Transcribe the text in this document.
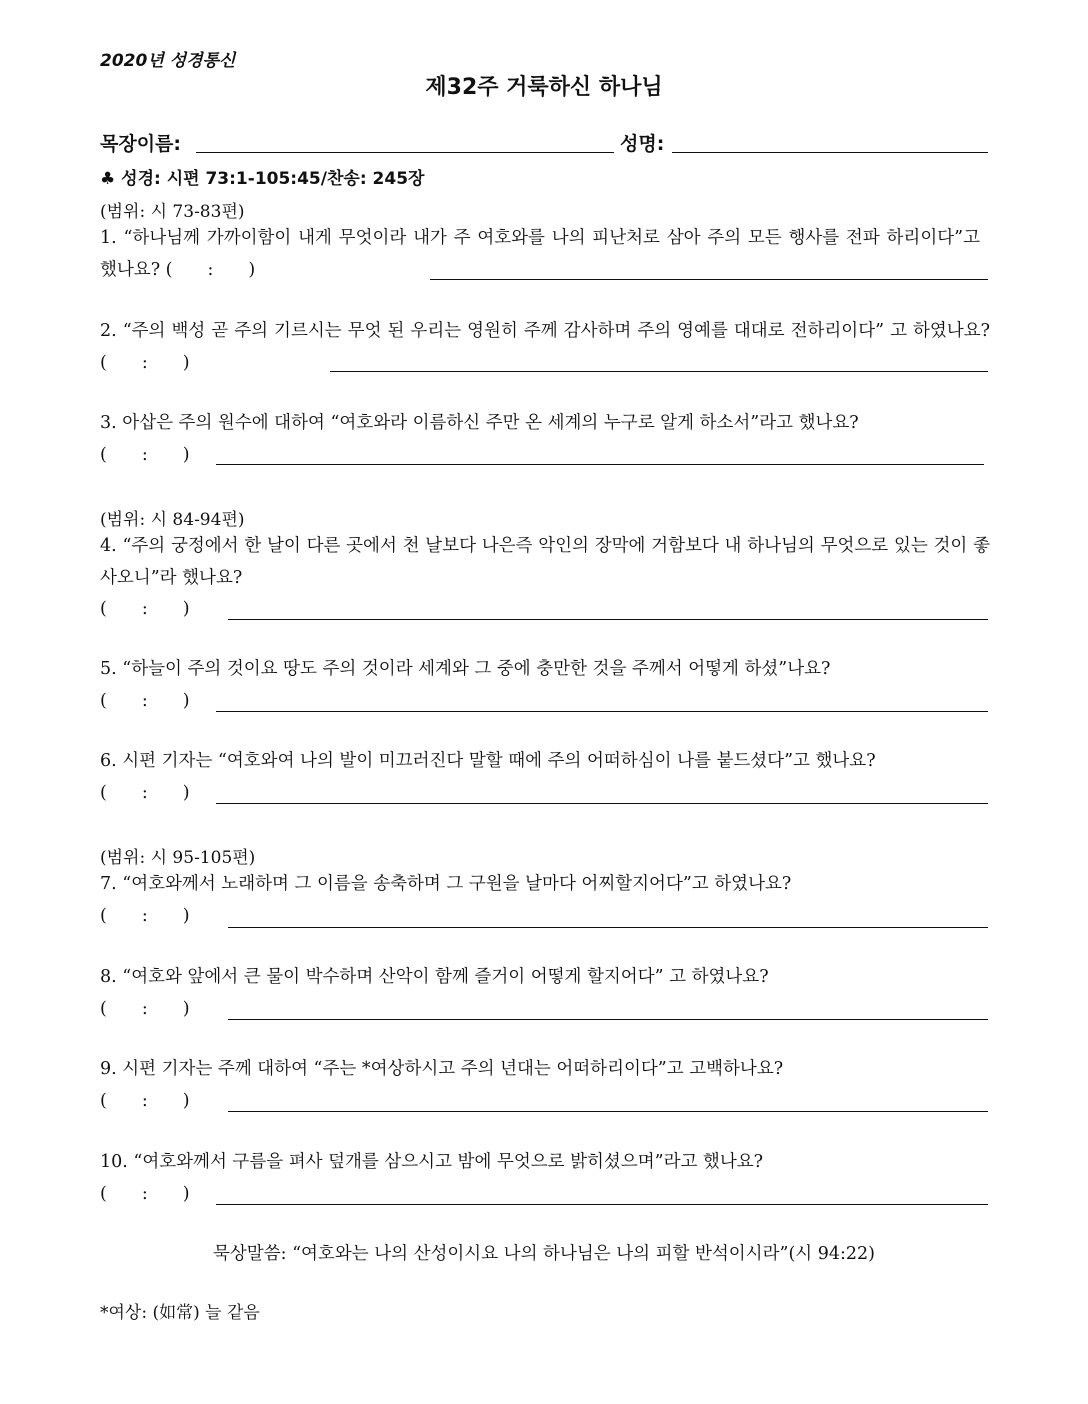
2020년 성경통신
제32주 거룩하신 하나님
목장이름:	성명:
♣ 성경: 시편 73:1-105:45/찬송: 245장
(범위: 시 73-83편)
1. “하나님께 가까이함이 내게 무엇이라 내가 주 여호와를 나의 피난처로 삼아 주의 모든 행사를 전파 하리이다”고 했나요? (　　:　　)
2. “주의 백성 곧 주의 기르시는 무엇 된 우리는 영원히 주께 감사하며 주의 영예를 대대로 전하리이다” 고 하였나요? (　　:　　)
3. 아삽은 주의 원수에 대하여 “여호와라 이름하신 주만 온 세계의 누구로 알게 하소서”라고 했나요?
(　　:　　)
(범위: 시 84-94편)
4. “주의 궁정에서 한 날이 다른 곳에서 천 날보다 나은즉 악인의 장막에 거함보다 내 하나님의 무엇으로 있는 것이 좋사오니”라 했나요?
(　　:　　)
5. “하늘이 주의 것이요 땅도 주의 것이라 세계와 그 중에 충만한 것을 주께서 어떻게 하셨”나요?
(　　:　　)
6. 시편 기자는 “여호와여 나의 발이 미끄러진다 말할 때에 주의 어떠하심이 나를 붙드셨다”고 했나요?
(　　:　　)
(범위: 시 95-105편)
7. “여호와께서 노래하며 그 이름을 송축하며 그 구원을 날마다 어찌할지어다”고 하였나요?
(　　:　　)
8. “여호와 앞에서 큰 물이 박수하며 산악이 함께 즐거이 어떻게 할지어다” 고 하였나요?
(　　:　　)
9. 시편 기자는 주께 대하여 “주는 *여상하시고 주의 년대는 어떠하리이다”고 고백하나요?
(　　:　　)
10. “여호와께서 구름을 펴사 덮개를 삼으시고 밤에 무엇으로 밝히셨으며”라고 했나요?
(　　:　　)
묵상말씀: “여호와는 나의 산성이시요 나의 하나님은 나의 피할 반석이시라”(시 94:22)
*여상: (如常) 늘 같음
